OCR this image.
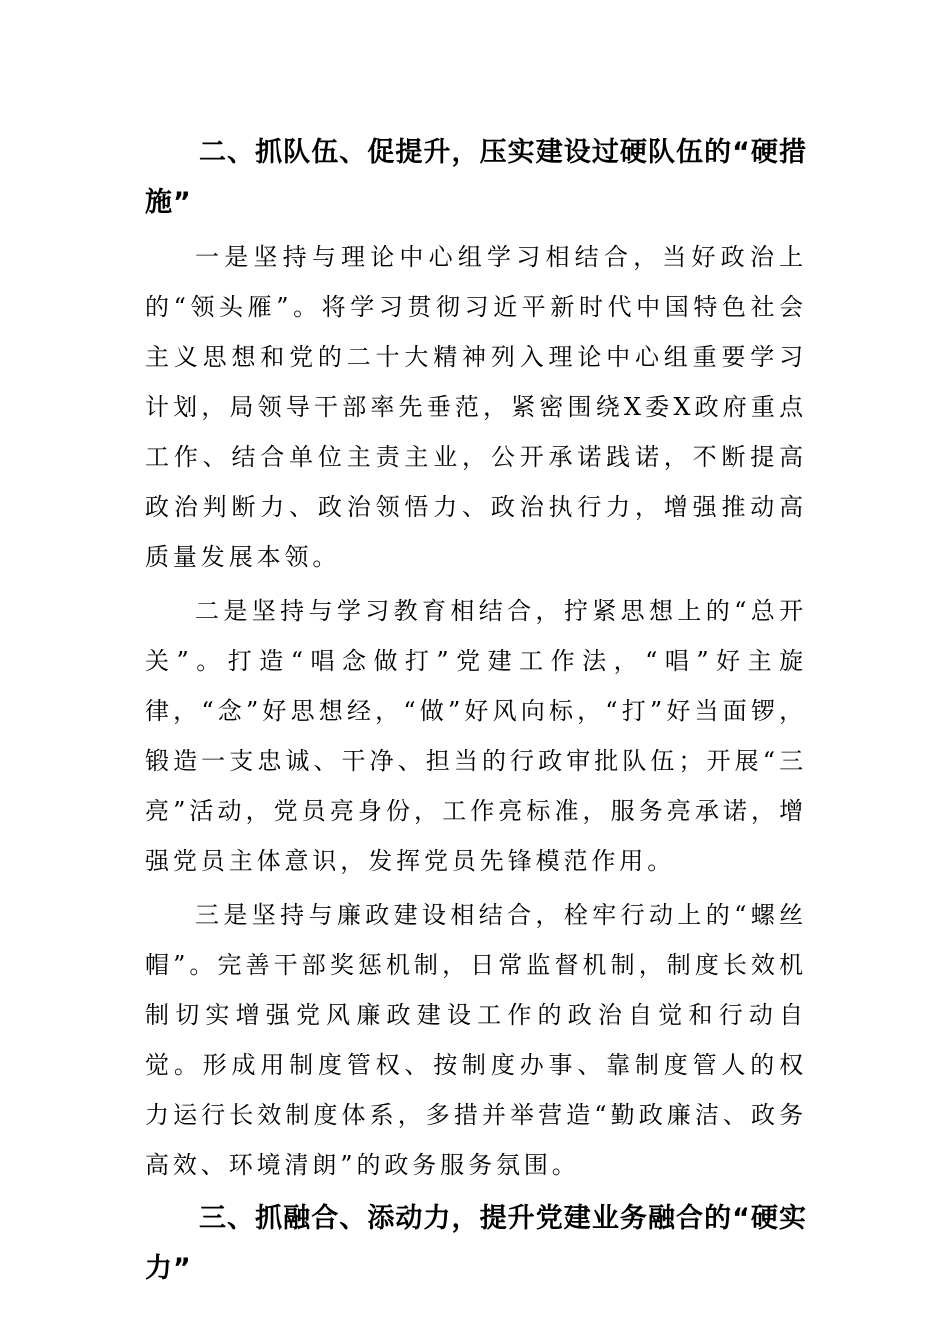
二、抓队伍、促提升，压实建设过硬队伍的“硬措施”

一是坚持与理论中心组学习相结合，当好政治上的“领头雁”。将学习贯彻习近平新时代中国特色社会主义思想和党的二十大精神列入理论中心组重要学习计划，局领导干部率先垂范，紧密围绕X委X政府重点工作、结合单位主责主业，公开承诺践诺，不断提高政治判断力、政治领悟力、政治执行力，增强推动高质量发展本领。

二是坚持与学习教育相结合，拧紧思想上的“总开关”。打造“唱念做打”党建工作法，“唱”好主旋律，“念”好思想经，“做”好风向标，“打”好当面锣，锻造一支忠诚、干净、担当的行政审批队伍；开展“三亮”活动，党员亮身份，工作亮标准，服务亮承诺，增强党员主体意识，发挥党员先锋模范作用。

三是坚持与廉政建设相结合，栓牢行动上的“螺丝帽”。完善干部奖惩机制，日常监督机制，制度长效机制切实增强党风廉政建设工作的政治自觉和行动自觉。形成用制度管权、按制度办事、靠制度管人的权力运行长效制度体系，多措并举营造“勤政廉洁、政务高效、环境清朗”的政务服务氛围。

三、抓融合、添动力，提升党建业务融合的“硬实力”
